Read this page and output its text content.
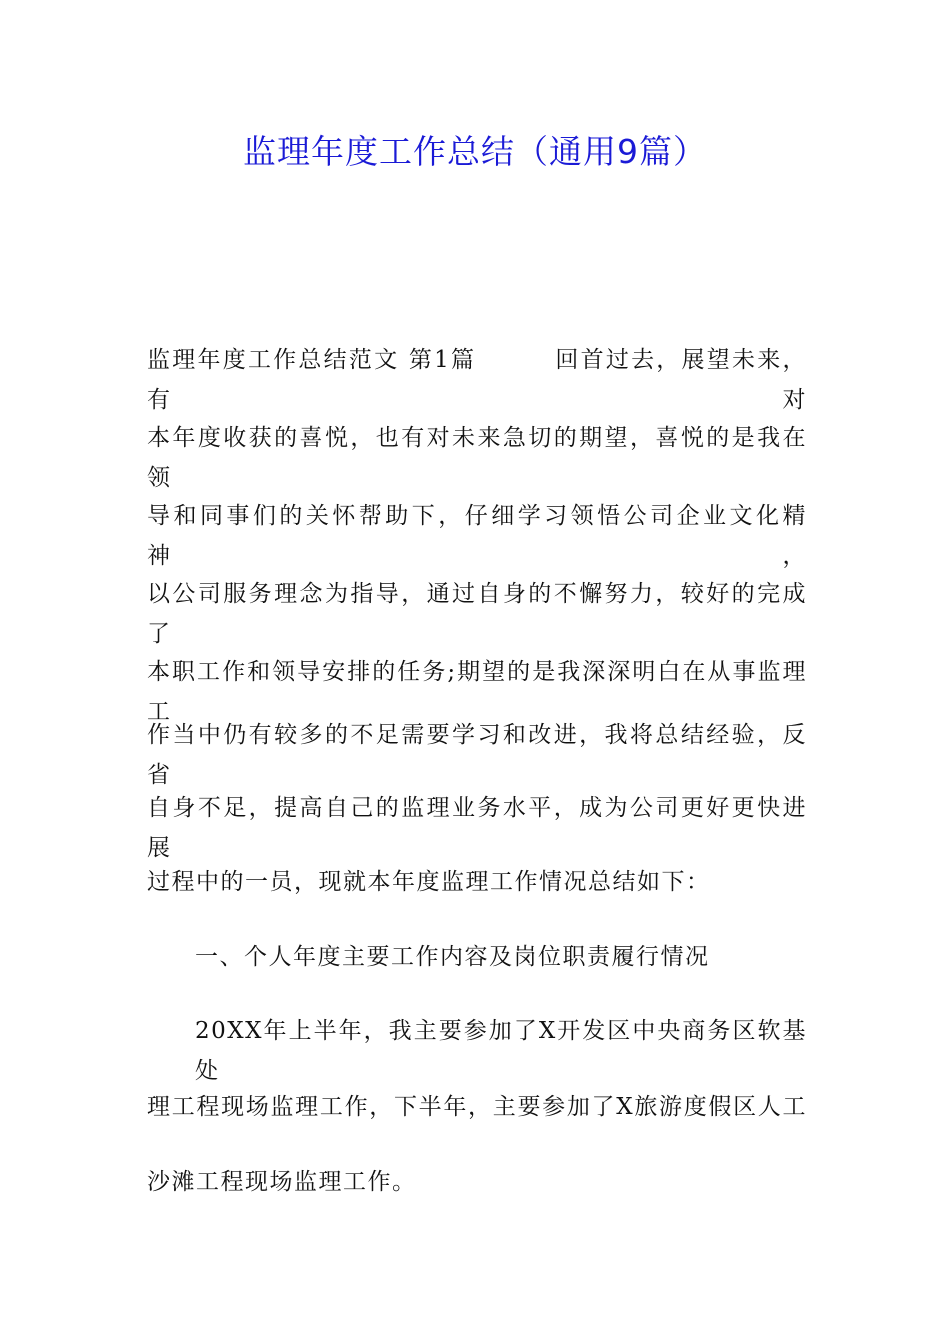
监理年度工作总结（通用9篇）
监理年度工作总结范文 第1篇 　 　 回首过去，展望未来，有对
本年度收获的喜悦，也有对未来急切的期望，喜悦的是我在领
导和同事们的关怀帮助下，仔细学习领悟公司企业文化精神，
以公司服务理念为指导，通过自身的不懈努力，较好的完成了
本职工作和领导安排的任务;期望的是我深深明白在从事监理工
作当中仍有较多的不足需要学习和改进，我将总结经验，反省
自身不足，提高自己的监理业务水平，成为公司更好更快进展
过程中的一员，现就本年度监理工作情况总结如下：
一、个人年度主要工作内容及岗位职责履行情况
20XX年上半年，我主要参加了X开发区中央商务区软基处
理工程现场监理工作，下半年，主要参加了X旅游度假区人工
沙滩工程现场监理工作。
